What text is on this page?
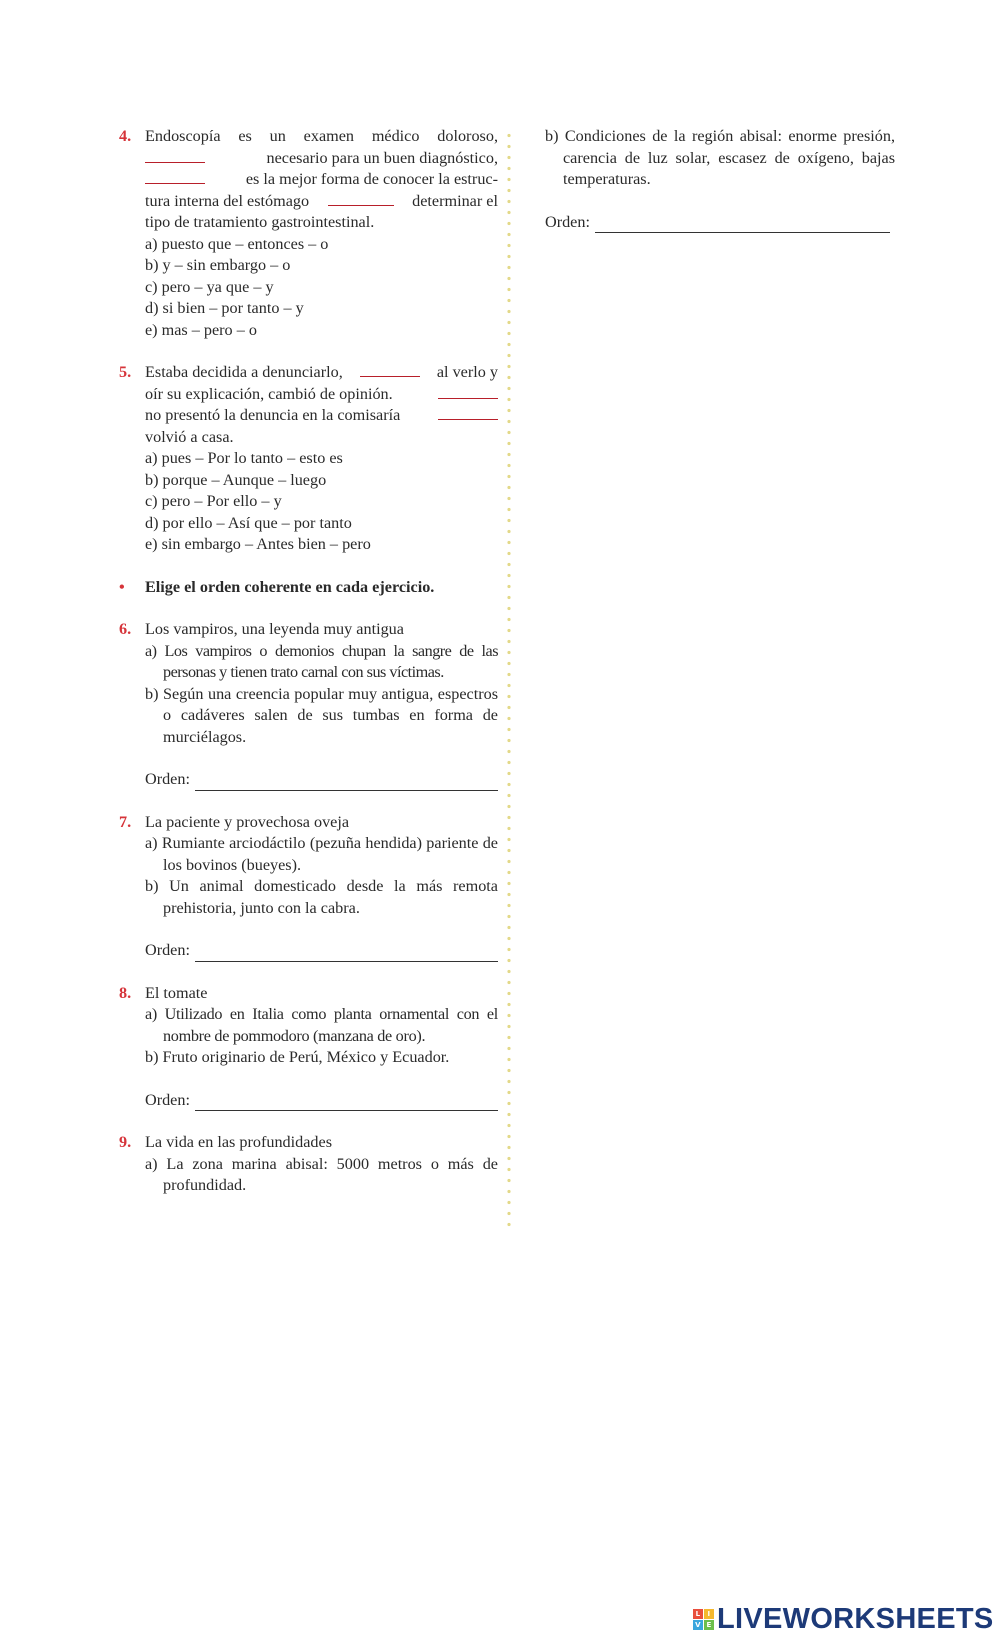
4. Endoscopía es un examen médico doloroso,
necesario para un buen diagnóstico,
es la mejor forma de conocer la estruc-
tura interna del estómago	determinar el
tipo de tratamiento gastrointestinal.
a) puesto que – entonces – o
b) y – sin embargo – o
c) pero – ya que – y
d) si bien – por tanto – y
e) mas – pero – o
5. Estaba decidida a denunciarlo,	al verlo y
oír su explicación, cambió de opinión.
no presentó la denuncia en la comisaría
volvió a casa.
a) pues – Por lo tanto – esto es
b) porque – Aunque – luego
c) pero – Por ello – y
d) por ello – Así que – por tanto
e) sin embargo – Antes bien – pero
• Elige el orden coherente en cada ejercicio.
6. Los vampiros, una leyenda muy antigua
a) Los vampiros o demonios chupan la sangre de las personas y tienen trato carnal con sus víctimas.
b) Según una creencia popular muy antigua, espectros o cadáveres salen de sus tumbas en forma de murciélagos.
Orden:
7. La paciente y provechosa oveja
a) Rumiante arciodáctilo (pezuña hendida) pariente de los bovinos (bueyes).
b) Un animal domesticado desde la más remota prehistoria, junto con la cabra.
Orden:
8. El tomate
a) Utilizado en Italia como planta ornamental con el nombre de pommodoro (manzana de oro).
b) Fruto originario de Perú, México y Ecuador.
Orden:
9. La vida en las profundidades
a) La zona marina abisal: 5000 metros o más de profundidad.
b) Condiciones de la región abisal: enorme presión, carencia de luz solar, escasez de oxígeno, bajas temperaturas.
Orden:
L	I
V E LIVEWORKSHEETS
